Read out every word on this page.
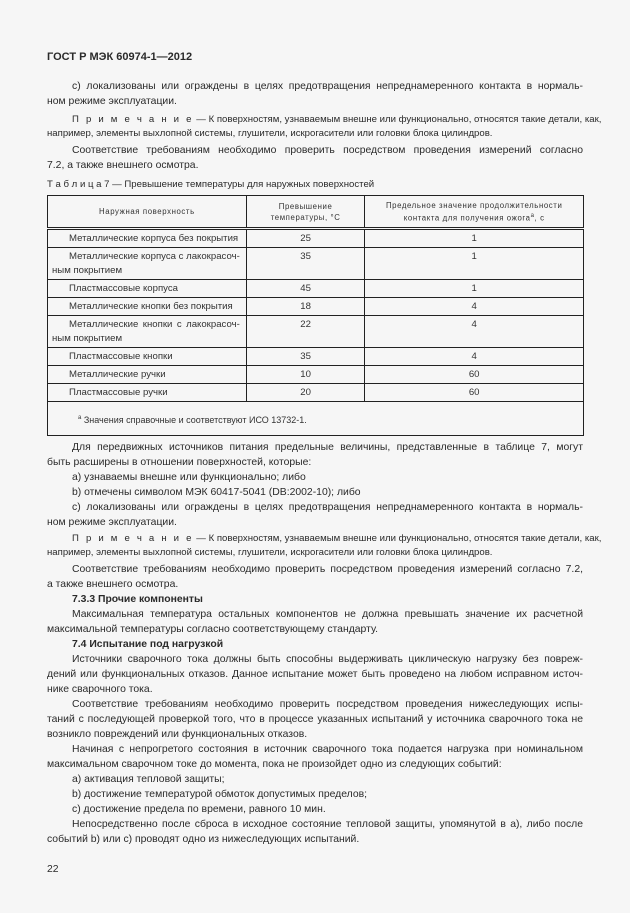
ГОСТ Р МЭК 60974-1—2012
c) локализованы или ограждены в целях предотвращения непреднамеренного контакта в нормаль-
ном режиме эксплуатации.
П р и м е ч а н и е — К поверхностям, узнаваемым внешне или функционально, относятся такие детали, как,
например, элементы выхлопной системы, глушители, искрогасители или головки блока цилиндров.
Соответствие требованиям необходимо проверить посредством проведения измерений согласно
7.2, а также внешнего осмотра.
Т а б л и ц а 7 — Превышение температуры для наружных поверхностей
Наружная поверхность	Превышение температуры, °С	Предельное значение продолжительности контакта для получения ожога$^а$, с

Металлические корпуса без покрытия	25	1

Металлические корпуса с лакокрасоч-
ным покрытием	35	1

Пластмассовые корпуса	45	1

Металлические кнопки без покрытия	18	4

Металлические кнопки с лакокрасоч-
ным покрытием	22	4

Пластмассовые кнопки	35	4

Металлические ручки	10	60

Пластмассовые ручки	20	60
$^а$ Значения справочные и соответствуют ИСО 13732-1.		
Для передвижных источников питания предельные величины, представленные в таблице 7, могут
быть расширены в отношении поверхностей, которые:
a) узнаваемы внешне или функционально; либо
b) отмечены символом МЭК 60417-5041 (DB:2002-10); либо
c) локализованы или ограждены в целях предотвращения непреднамеренного контакта в нормаль-
ном режиме эксплуатации.
П р и м е ч а н и е — К поверхностям, узнаваемым внешне или функционально, относятся такие детали, как,
например, элементы выхлопной системы, глушители, искрогасители или головки блока цилиндров.
Соответствие требованиям необходимо проверить посредством проведения измерений согласно 7.2,
а также внешнего осмотра.
7.3.3 Прочие компоненты
Максимальная температура остальных компонентов не должна превышать значение их расчетной
максимальной температуры согласно соответствующему стандарту.
7.4 Испытание под нагрузкой
Источники сварочного тока должны быть способны выдерживать циклическую нагрузку без повреж-
дений или функциональных отказов. Данное испытание может быть проведено на любом исправном источ-
нике сварочного тока.
Соответствие требованиям необходимо проверить посредством проведения нижеследующих испы-
таний с последующей проверкой того, что в процессе указанных испытаний у источника сварочного тока не
возникло повреждений или функциональных отказов.
Начиная с непрогретого состояния в источник сварочного тока подается нагрузка при номинальном
максимальном сварочном токе до момента, пока не произойдет одно из следующих событий:
a) активация тепловой защиты;
b) достижение температурой обмоток допустимых пределов;
c) достижение предела по времени, равного 10 мин.
Непосредственно после сброса в исходное состояние тепловой защиты, упомянутой в a), либо после
событий b) или c) проводят одно из нижеследующих испытаний.
22
